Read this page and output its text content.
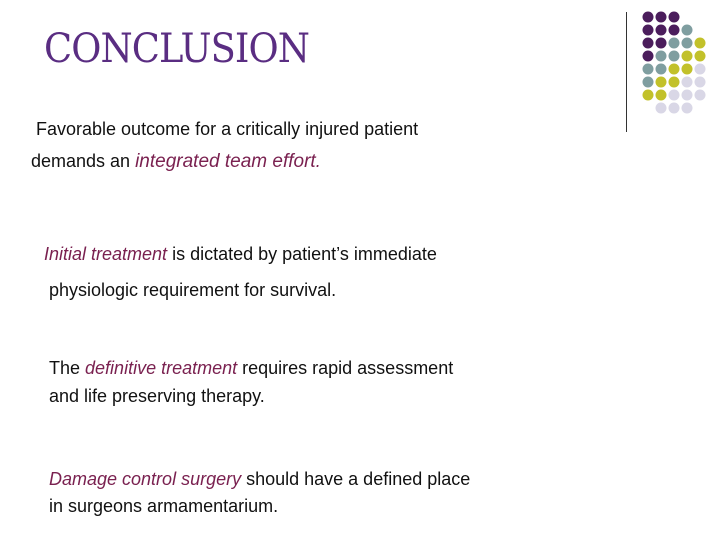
CONCLUSION
Favorable outcome for a critically injured patient
demands an integrated team effort.
Initial treatment is dictated by patient’s immediate
physiologic requirement for survival.
The definitive treatment requires rapid assessment
and life preserving therapy.
Damage control surgery should have a defined place
in surgeons armamentarium.
